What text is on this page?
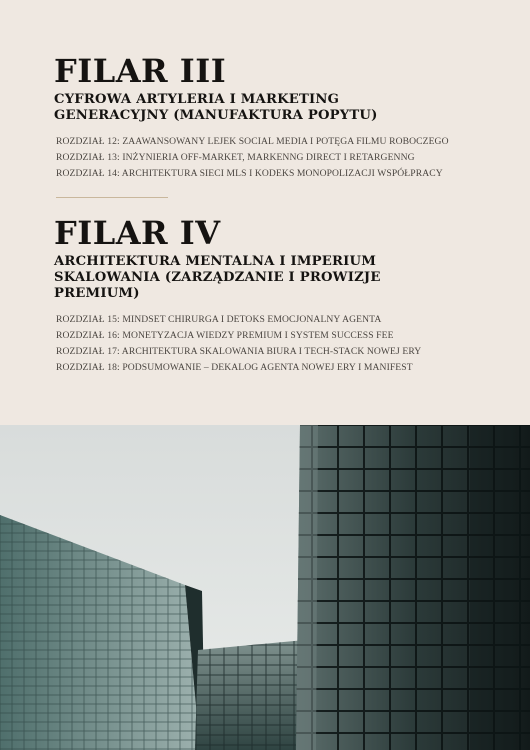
FILAR III
CYFROWA ARTYLERIA I MARKETING
GENERACYJNY (MANUFAKTURA POPYTU)
ROZDZIAŁ 12: ZAAWANSOWANY LEJEK SOCIAL MEDIA I POTĘGA FILMU ROBOCZEGO
ROZDZIAŁ 13: INŻYNIERIA OFF-MARKET, MARKENNG DIRECT I RETARGENNG
ROZDZIAŁ 14: ARCHITEKTURA SIECI MLS I KODEKS MONOPOLIZACJI WSPÓŁPRACY
FILAR IV
ARCHITEKTURA MENTALNA I IMPERIUM
SKALOWANIA (ZARZĄDZANIE I PROWIZJE
PREMIUM)
ROZDZIAŁ 15: MINDSET CHIRURGA I DETOKS EMOCJONALNY AGENTA
ROZDZIAŁ 16: MONETYZACJA WIEDZY PREMIUM I SYSTEM SUCCESS FEE
ROZDZIAŁ 17: ARCHITEKTURA SKALOWANIA BIURA I TECH-STACK NOWEJ ERY
ROZDZIAŁ 18: PODSUMOWANIE – DEKALOG AGENTA NOWEJ ERY I MANIFEST
